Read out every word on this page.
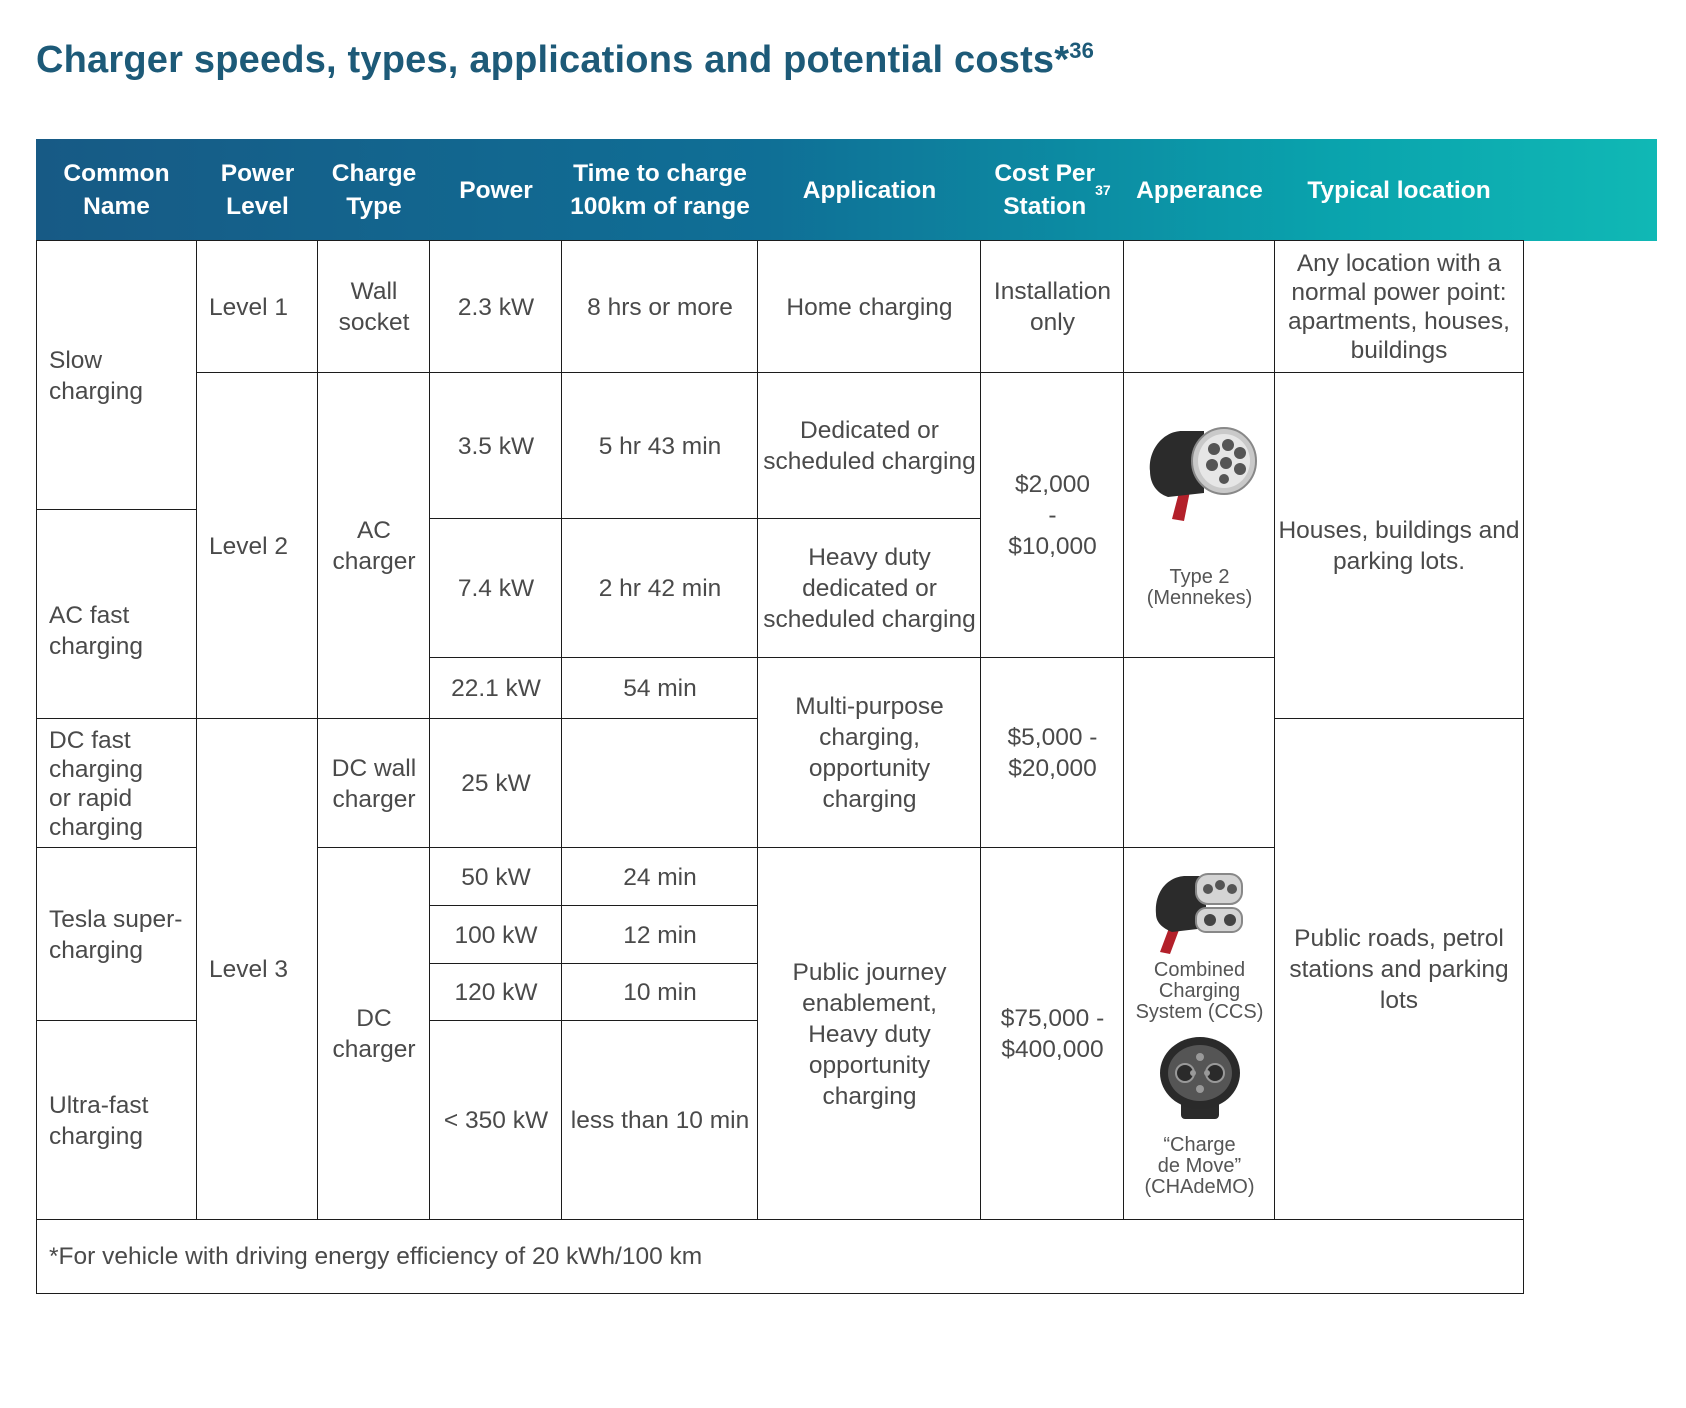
Charger speeds, types, applications and potential costs*$^{36}$
Common
Name
Power
Level
Charge
Type
Power
Time to charge
100km of range
Application
Cost Per
Station
37	Apperance	Typical location
Slow charging
AC fast
charging
DC fast
charging
or rapid
charging
Tesla super-
charging
Ultra-fast
charging
Level 1
Level 2
Level 3
Wall
socket
AC
charger
DC wall
charger
DC
charger
2.3 kW
3.5 kW
7.4 kW
22.1 kW
25 kW
50 kW
100 kW
120 kW
< 350 kW
8 hrs or more
5 hr 43 min
2 hr 42 min
54 min
24 min
12 min
10 min
less than 10 min
Home charging
Dedicated or
scheduled charging
Heavy duty
dedicated or
scheduled charging
Multi-purpose
charging,
opportunity
charging
Public journey
enablement,
Heavy duty
opportunity
charging
Installation
only
$2,000
-
$10,000
$5,000 -
$20,000
$75,000 -
$400,000
Type 2
(Mennekes)
Combined
Charging
System (CCS)
“Charge
de Move”
(CHAdeMO)
Any location with a
normal power point:
apartments, houses,
buildings
Houses, buildings and
parking lots.
Public roads, petrol
stations and parking
lots
*For vehicle with driving energy efficiency of 20 kWh/100 km
